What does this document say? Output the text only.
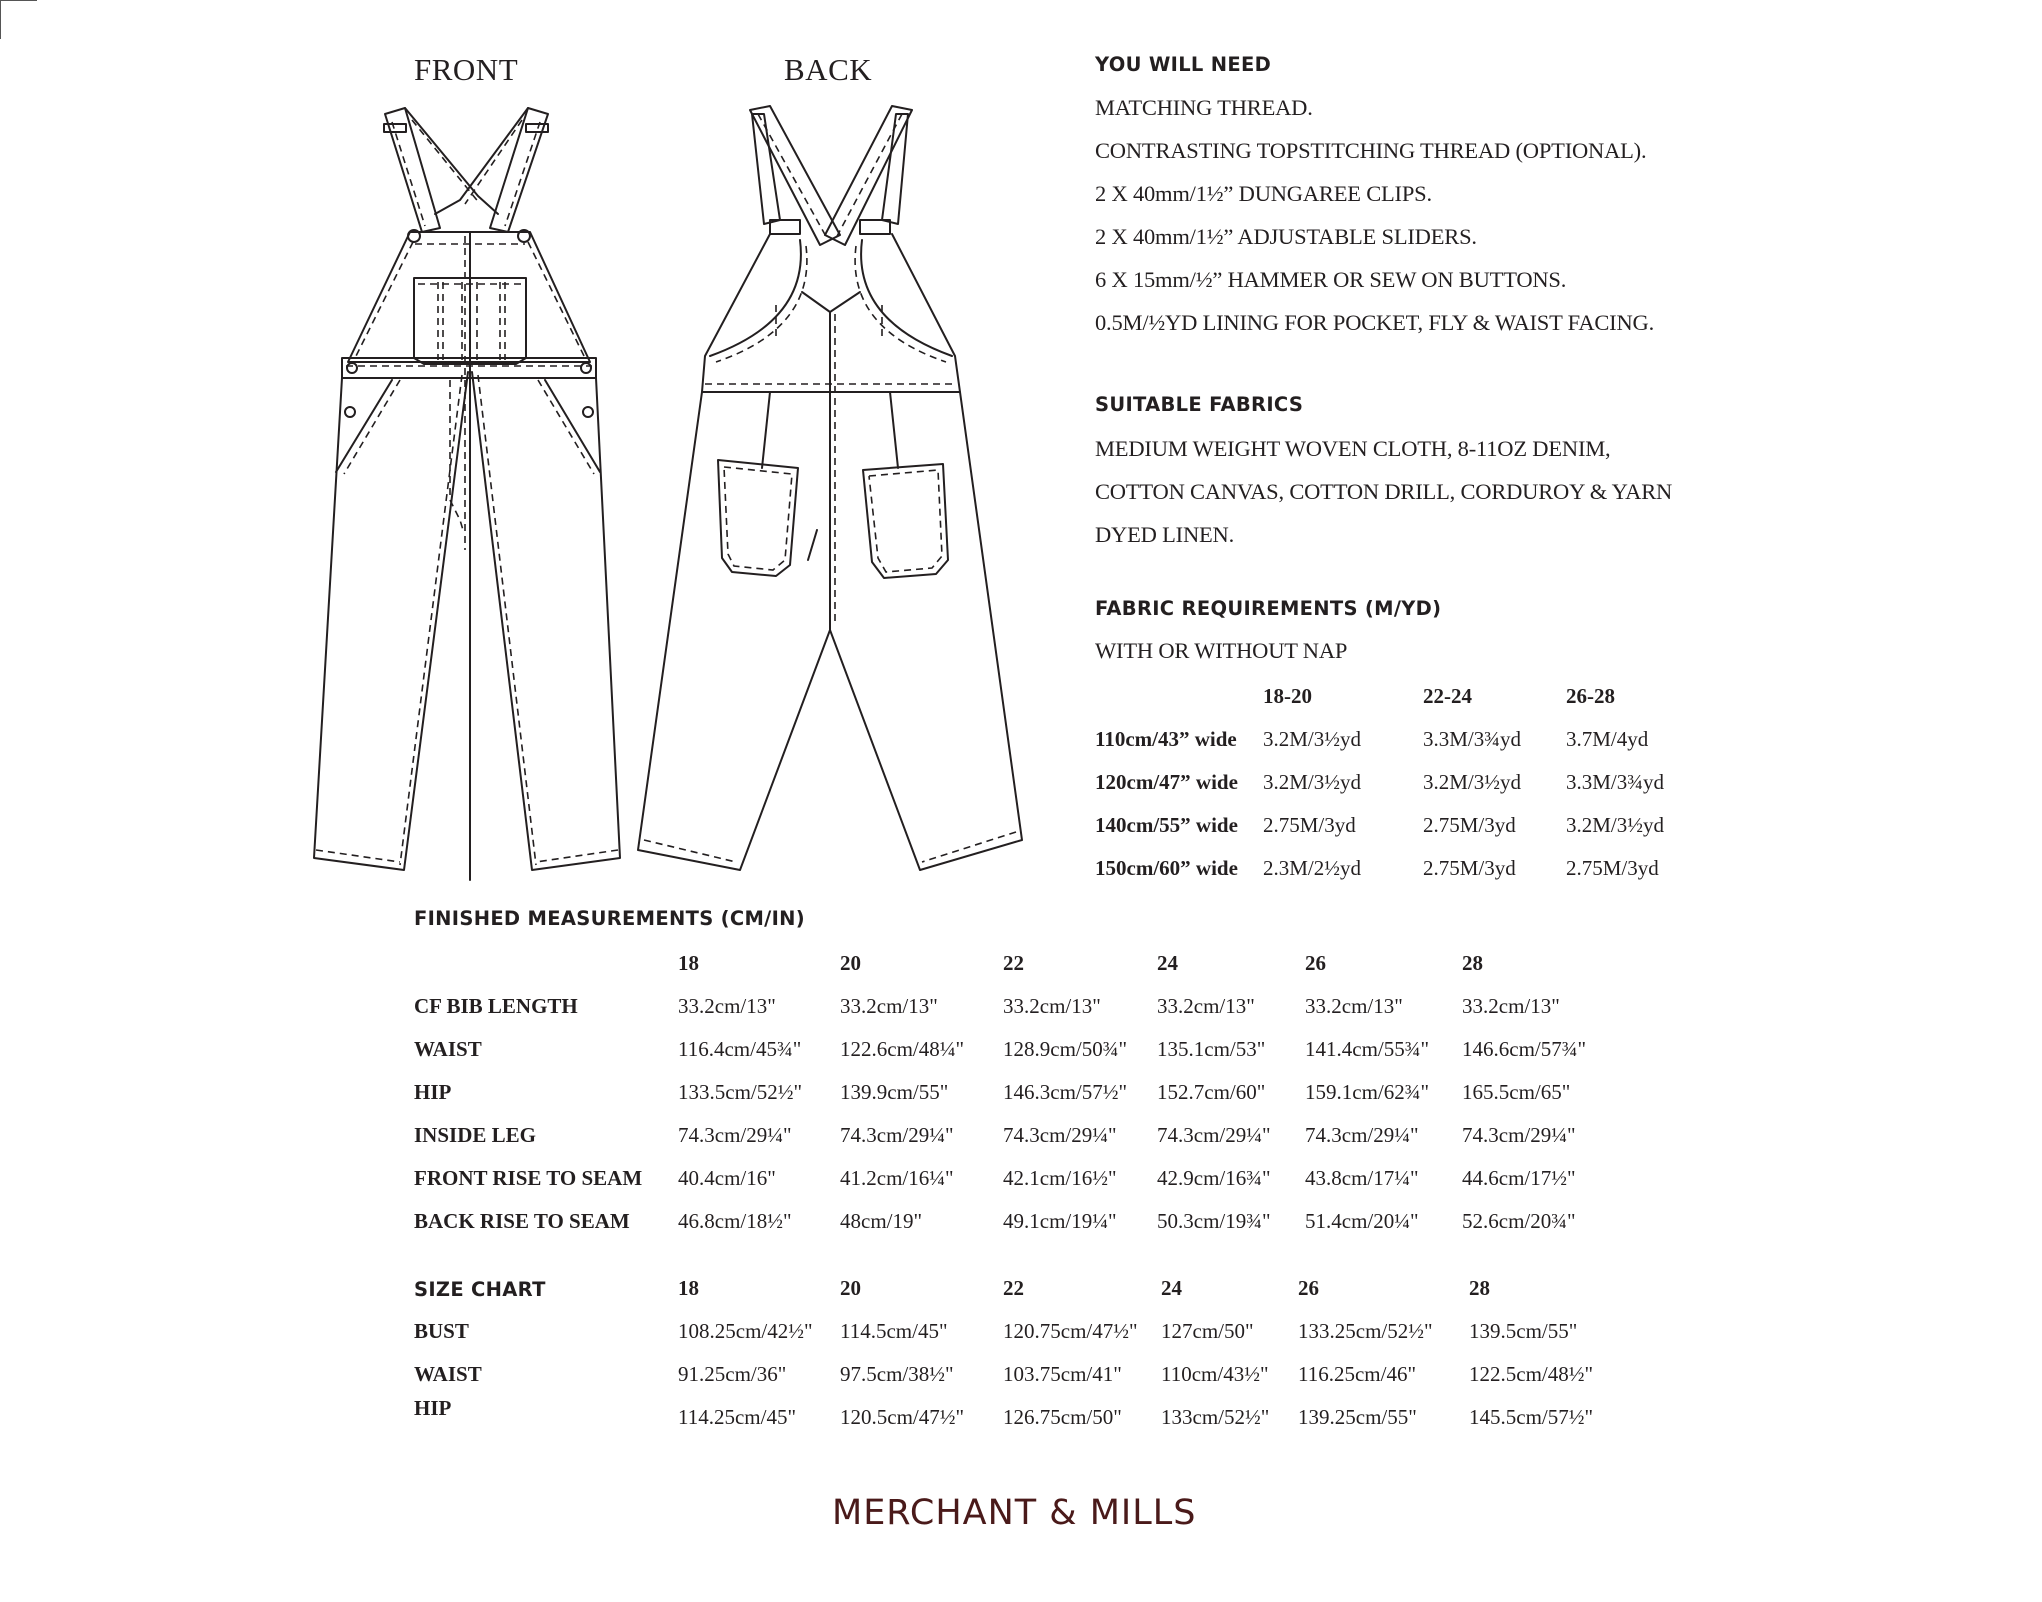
FRONT	BACK	YOU WILL NEED
MATCHING THREAD.
CONTRASTING TOPSTITCHING THREAD (OPTIONAL).
2 X 40mm/1½” DUNGAREE CLIPS.
2 X 40mm/1½” ADJUSTABLE SLIDERS.
6 X 15mm/½” HAMMER OR SEW ON BUTTONS.
0.5M/½YD LINING FOR POCKET, FLY & WAIST FACING.
SUITABLE FABRICS
MEDIUM WEIGHT WOVEN CLOTH, 8-11OZ DENIM,
COTTON CANVAS, COTTON DRILL, CORDUROY & YARN
DYED LINEN.
FABRIC REQUIREMENTS (M/YD)
WITH OR WITHOUT NAP
18-20	22-24	26-28
110cm/43” wide 3.2M/3½yd	3.3M/3¾yd 3.7M/4yd
120cm/47” wide 3.2M/3½yd	3.2M/3½yd 3.3M/3¾yd
140cm/55” wide 2.75M/3yd	2.75M/3yd 3.2M/3½yd
150cm/60” wide 2.3M/2½yd	2.75M/3yd 2.75M/3yd
FINISHED MEASUREMENTS (CM/IN)
18	20	22	24	26	28
CF BIB LENGTH	33.2cm/13"	33.2cm/13"	33.2cm/13"	33.2cm/13" 33.2cm/13"	33.2cm/13"
WAIST	116.4cm/45¾" 122.6cm/48¼" 128.9cm/50¾" 135.1cm/53" 141.4cm/55¾" 146.6cm/57¾"
HIP	133.5cm/52½" 139.9cm/55"	146.3cm/57½" 152.7cm/60" 159.1cm/62¾" 165.5cm/65"
INSIDE LEG	74.3cm/29¼" 74.3cm/29¼" 74.3cm/29¼" 74.3cm/29¼" 74.3cm/29¼" 74.3cm/29¼"
FRONT RISE TO SEAM 40.4cm/16"	41.2cm/16¼" 42.1cm/16½" 42.9cm/16¾" 43.8cm/17¼" 44.6cm/17½"
BACK RISE TO SEAM 46.8cm/18½" 48cm/19"	49.1cm/19¼" 50.3cm/19¾" 51.4cm/20¼" 52.6cm/20¾"
SIZE CHART	18	20	22	24	26	28
BUST	108.25cm/42½" 114.5cm/45"	120.75cm/47½" 127cm/50" 133.25cm/52½" 139.5cm/55"
WAIST	91.25cm/36"	97.5cm/38½" 103.75cm/41" 110cm/43½" 116.25cm/46"	122.5cm/48½"
HIP	114.25cm/45" 120.5cm/47½" 126.75cm/50" 133cm/52½" 139.25cm/55" 145.5cm/57½"
MERCHANT & MILLS
